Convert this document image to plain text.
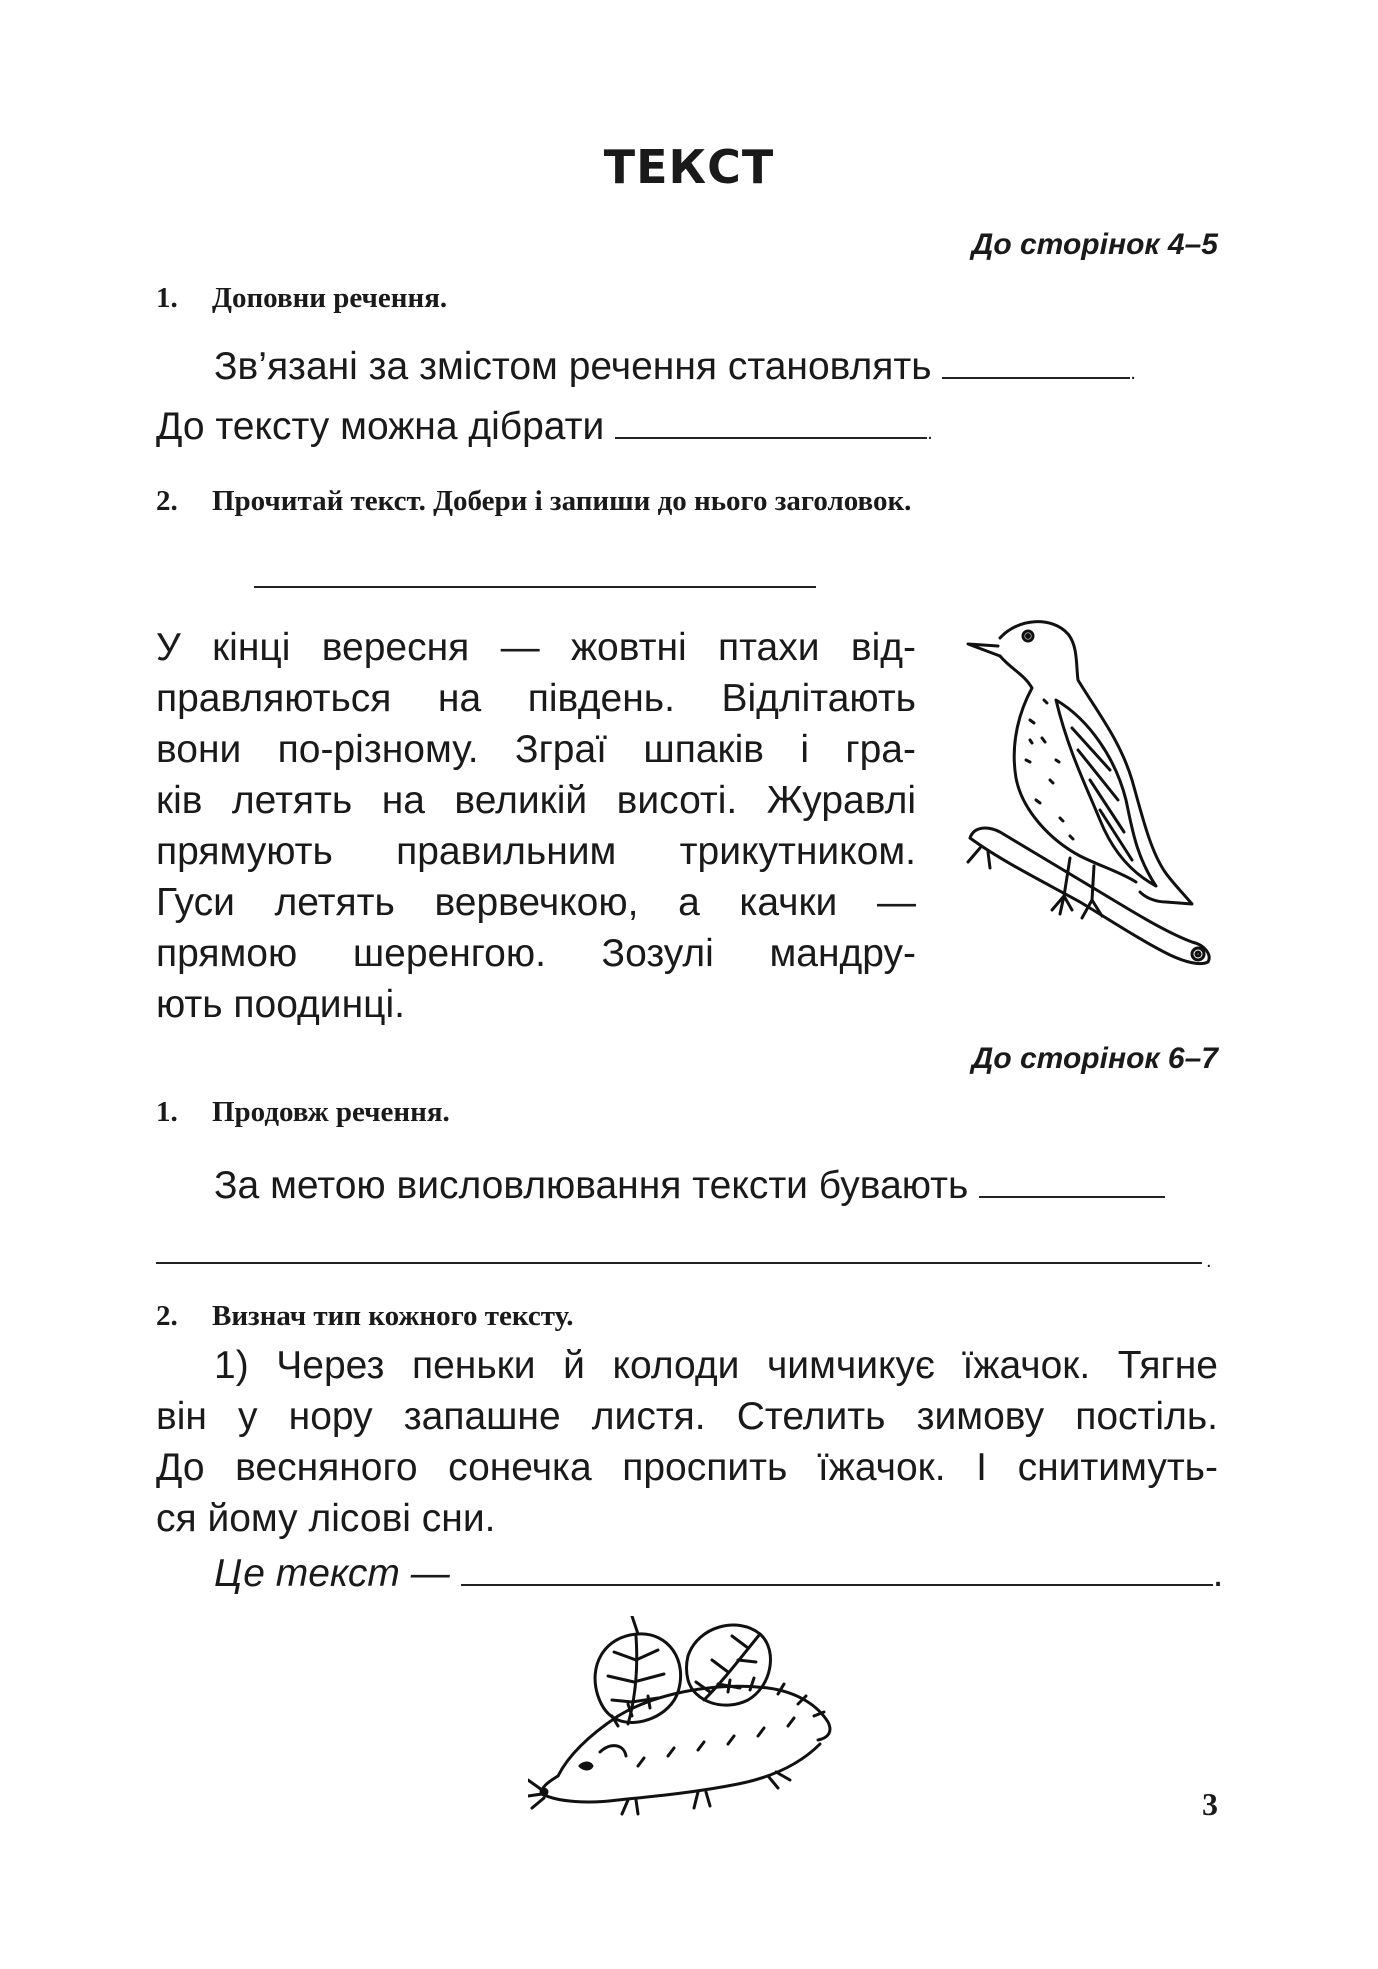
ТЕКСТ
До сторінок 4–5
1. Доповни речення.
Зв’язані за змістом речення становлять	.
До тексту можна дібрати	.
2. Прочитай текст. Добери і запиши до нього заголовок.
У кінці вересня — жовтні птахи від-
правляються на південь. Відлітають
вони по-різному. Зграї шпаків і гра-
ків летять на великій висоті. Журавлі
прямують правильним трикутником.
Гуси летять вервечкою, а качки —
прямою шеренгою. Зозулі мандру-
ють поодинці.
До сторінок 6–7
1. Продовж речення.
За метою висловлювання тексти бувають
.
2. Визнач тип кожного тексту.
1) Через пеньки й колоди чимчикує їжачок. Тягне
він у нору запашне листя. Стелить зимову постіль.
До весняного сонечка проспить їжачок. І снитимуть-
ся йому лісові сни.
Це текст —	.
3
